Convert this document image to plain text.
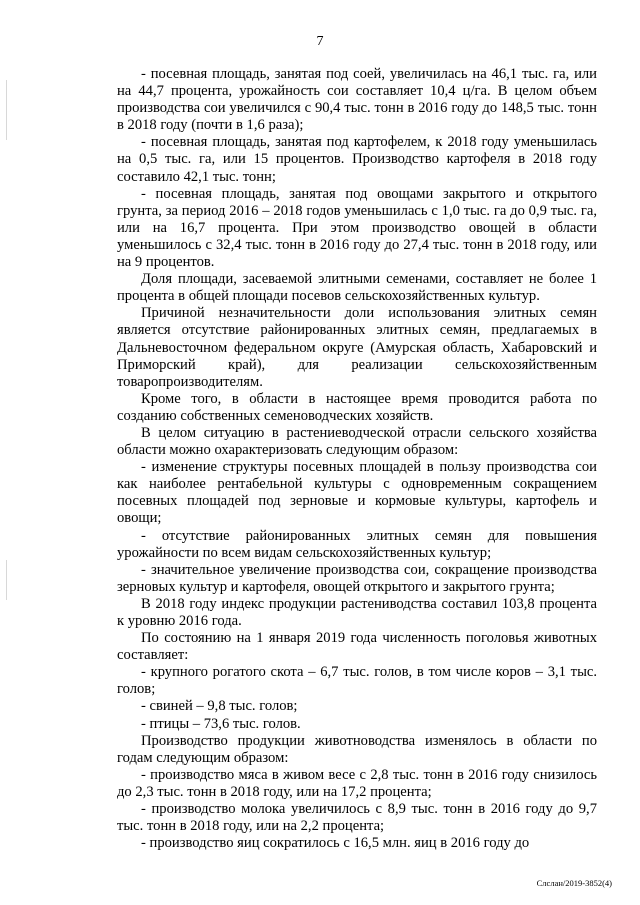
7

- посевная площадь, занятая под соей, увеличилась на 46,1 тыс. га, или на 44,7 процента, урожайность сои составляет 10,4 ц/га. В целом объем производства сои увеличился с 90,4 тыс. тонн в 2016 году до 148,5 тыс. тонн в 2018 году (почти в 1,6 раза);

- посевная площадь, занятая под картофелем, к 2018 году уменьшилась на 0,5 тыс. га, или 15 процентов. Производство картофеля в 2018 году составило 42,1 тыс. тонн;

- посевная площадь, занятая под овощами закрытого и открытого грунта, за период 2016 – 2018 годов уменьшилась с 1,0 тыс. га до 0,9 тыс. га, или на 16,7 процента. При этом производство овощей в области уменьшилось с 32,4 тыс. тонн в 2016 году до 27,4 тыс. тонн в 2018 году, или на 9 процентов.

Доля площади, засеваемой элитными семенами, составляет не более 1 процента в общей площади посевов сельскохозяйственных культур.

Причиной незначительности доли использования элитных семян является отсутствие районированных элитных семян, предлагаемых в Дальневосточном федеральном округе (Амурская область, Хабаровский и Приморский край), для реализации сельскохозяйственным товаропроизводителям.

Кроме того, в области в настоящее время проводится работа по созданию собственных семеноводческих хозяйств.

В целом ситуацию в растениеводческой отрасли сельского хозяйства области можно охарактеризовать следующим образом:

- изменение структуры посевных площадей в пользу производства сои как наиболее рентабельной культуры с одновременным сокращением посевных площадей под зерновые и кормовые культуры, картофель и овощи;

- отсутствие районированных элитных семян для повышения урожайности по всем видам сельскохозяйственных культур;

- значительное увеличение производства сои, сокращение производства зерновых культур и картофеля, овощей открытого и закрытого грунта;

В 2018 году индекс продукции растениводства составил 103,8 процента к уровню 2016 года.

По состоянию на 1 января 2019 года численность поголовья животных составляет:

- крупного рогатого скота – 6,7 тыс. голов, в том числе коров – 3,1 тыс. голов;

- свиней – 9,8 тыс. голов;

- птицы – 73,6 тыс. голов.

Производство продукции животноводства изменялось в области по годам следующим образом:

- производство мяса в живом весе с 2,8 тыс. тонн в 2016 году снизилось до 2,3 тыс. тонн в 2018 году, или на 17,2 процента;

- производство молока увеличилось с 8,9 тыс. тонн в 2016 году до 9,7 тыс. тонн в 2018 году, или на 2,2 процента;

- производство яиц сократилось с 16,5 млн. яиц в 2016 году до

Слслан/2019-3852(4)
